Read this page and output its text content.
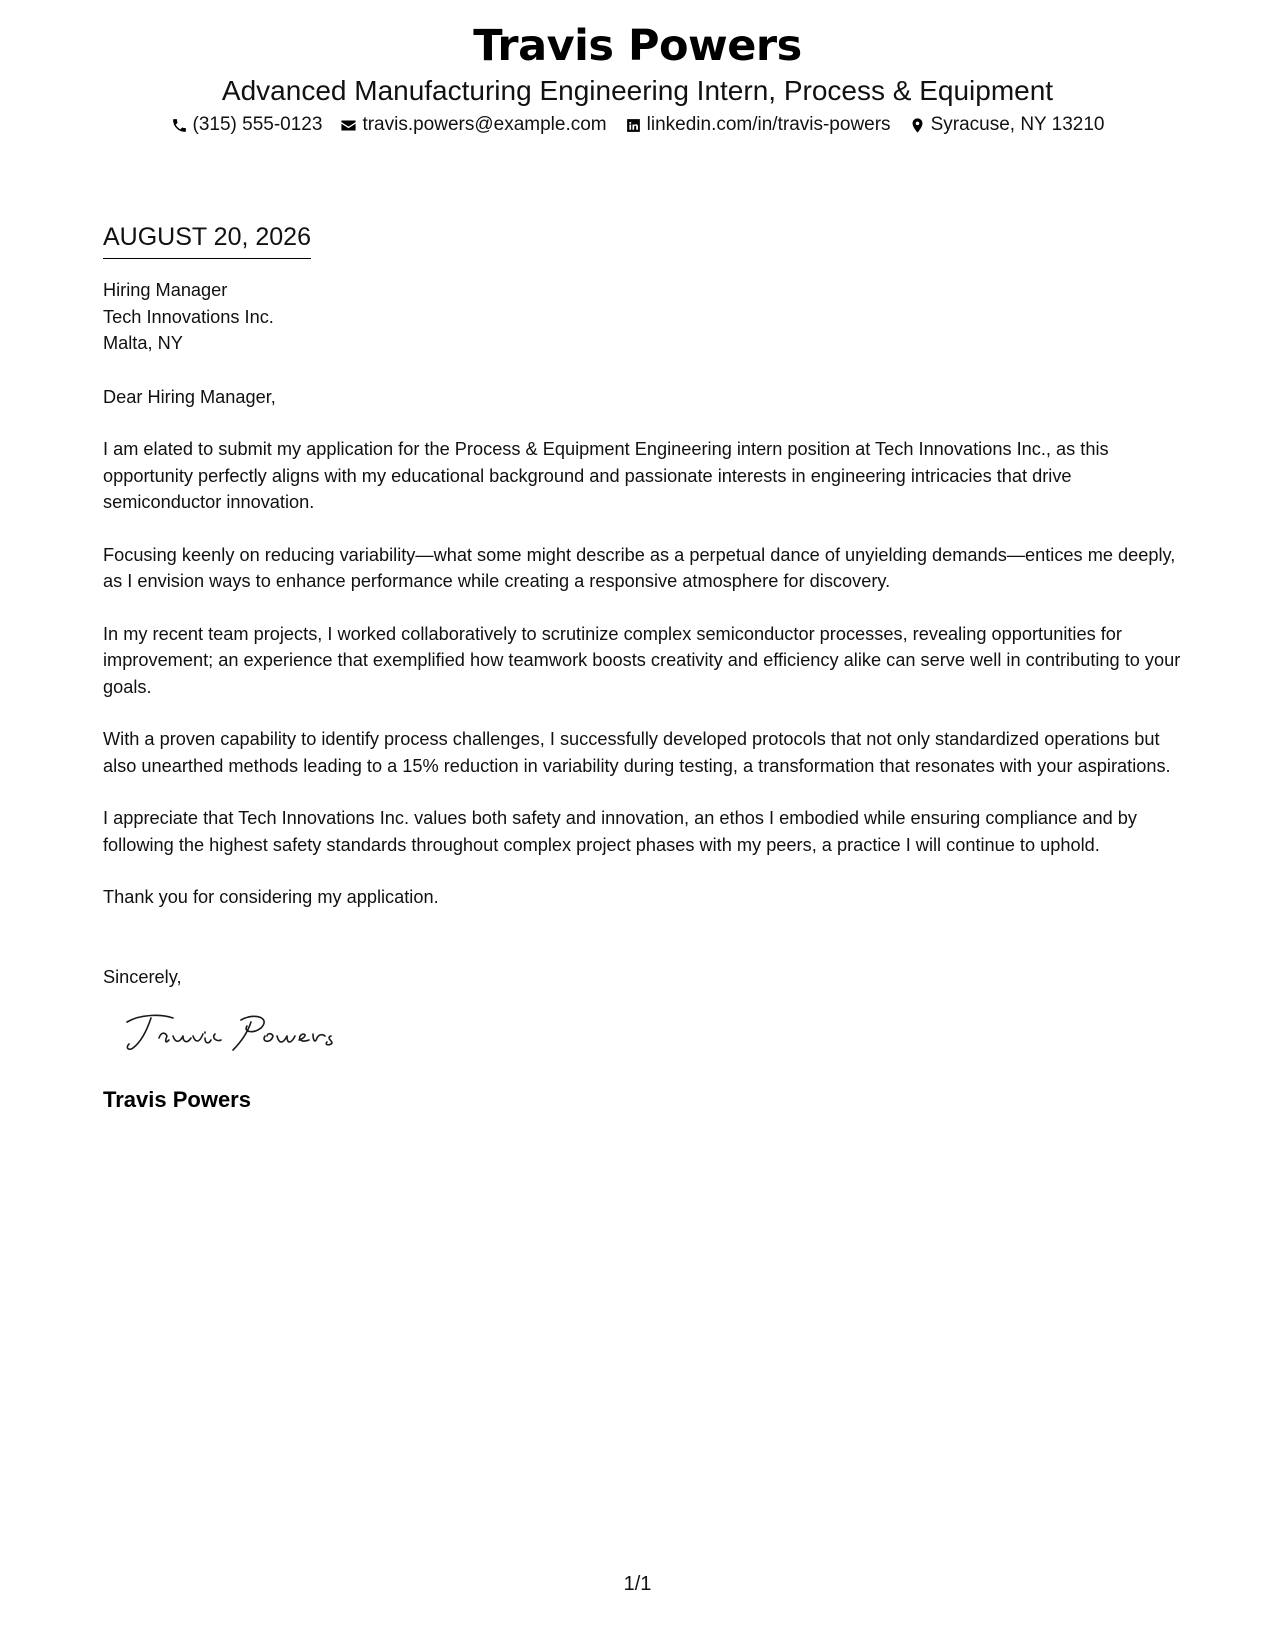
Travis Powers
Advanced Manufacturing Engineering Intern, Process & Equipment
(315) 555-0123 travis.powers@example.com linkedin.com/in/travis-powers Syracuse, NY 13210
AUGUST 20, 2026
Hiring Manager
Tech Innovations Inc.
Malta, NY
Dear Hiring Manager,
I am elated to submit my application for the Process & Equipment Engineering intern position at Tech Innovations Inc., as this opportunity perfectly aligns with my educational background and passionate interests in engineering intricacies that drive semiconductor innovation.
Focusing keenly on reducing variability—what some might describe as a perpetual dance of unyielding demands—entices me deeply, as I envision ways to enhance performance while creating a responsive atmosphere for discovery.
In my recent team projects, I worked collaboratively to scrutinize complex semiconductor processes, revealing opportunities for improvement; an experience that exemplified how teamwork boosts creativity and efficiency alike can serve well in contributing to your goals.
With a proven capability to identify process challenges, I successfully developed protocols that not only standardized operations but also unearthed methods leading to a 15% reduction in variability during testing, a transformation that resonates with your aspirations.
I appreciate that Tech Innovations Inc. values both safety and innovation, an ethos I embodied while ensuring compliance and by following the highest safety standards throughout complex project phases with my peers, a practice I will continue to uphold.
Thank you for considering my application.
Sincerely,
Travis Powers
1/1
